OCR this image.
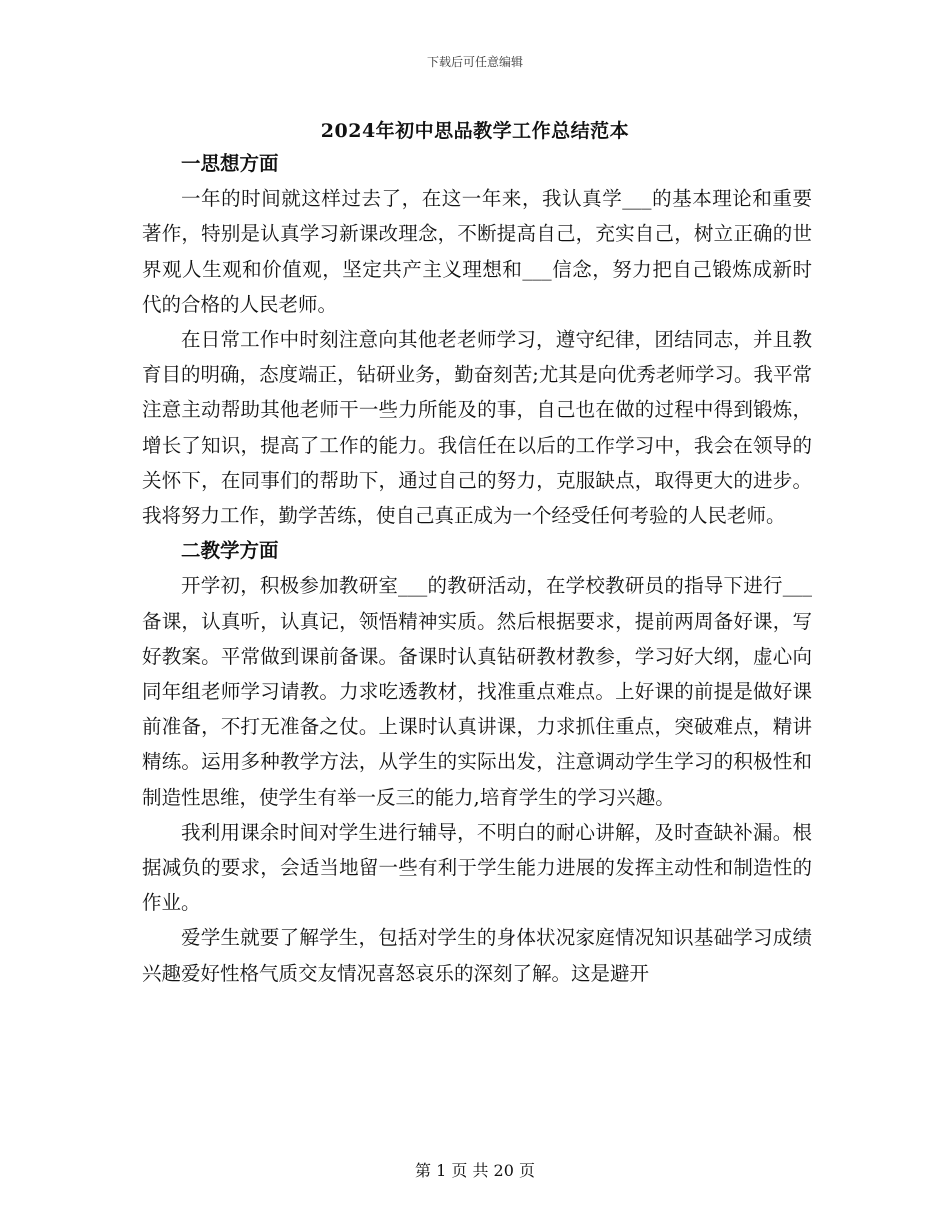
下载后可任意编辑
2024年初中思品教学工作总结范本

一思想方面

一年的时间就这样过去了，在这一年来，我认真学___的基本理论和重要著作，特别是认真学习新课改理念，不断提高自己，充实自己，树立正确的世界观人生观和价值观，坚定共产主义理想和___信念，努力把自己锻炼成新时代的合格的人民老师。

在日常工作中时刻注意向其他老老师学习，遵守纪律，团结同志，并且教育目的明确，态度端正，钻研业务，勤奋刻苦;尤其是向优秀老师学习。我平常注意主动帮助其他老师干一些力所能及的事，自己也在做的过程中得到锻炼，增长了知识，提高了工作的能力。我信任在以后的工作学习中，我会在领导的关怀下，在同事们的帮助下，通过自己的努力，克服缺点，取得更大的进步。我将努力工作，勤学苦练，使自己真正成为一个经受任何考验的人民老师。

二教学方面

开学初，积极参加教研室___的教研活动，在学校教研员的指导下进行___备课，认真听，认真记，领悟精神实质。然后根据要求，提前两周备好课，写好教案。平常做到课前备课。备课时认真钻研教材教参，学习好大纲，虚心向同年组老师学习请教。力求吃透教材，找准重点难点。上好课的前提是做好课前准备，不打无准备之仗。上课时认真讲课，力求抓住重点，突破难点，精讲精练。运用多种教学方法，从学生的实际出发，注意调动学生学习的积极性和制造性思维，使学生有举一反三的能力,培育学生的学习兴趣。

我利用课余时间对学生进行辅导，不明白的耐心讲解，及时查缺补漏。根据减负的要求，会适当地留一些有利于学生能力进展的发挥主动性和制造性的作业。

爱学生就要了解学生，包括对学生的身体状况家庭情况知识基础学习成绩兴趣爱好性格气质交友情况喜怒哀乐的深刻了解。这是避开

第 1 页 共 20 页
